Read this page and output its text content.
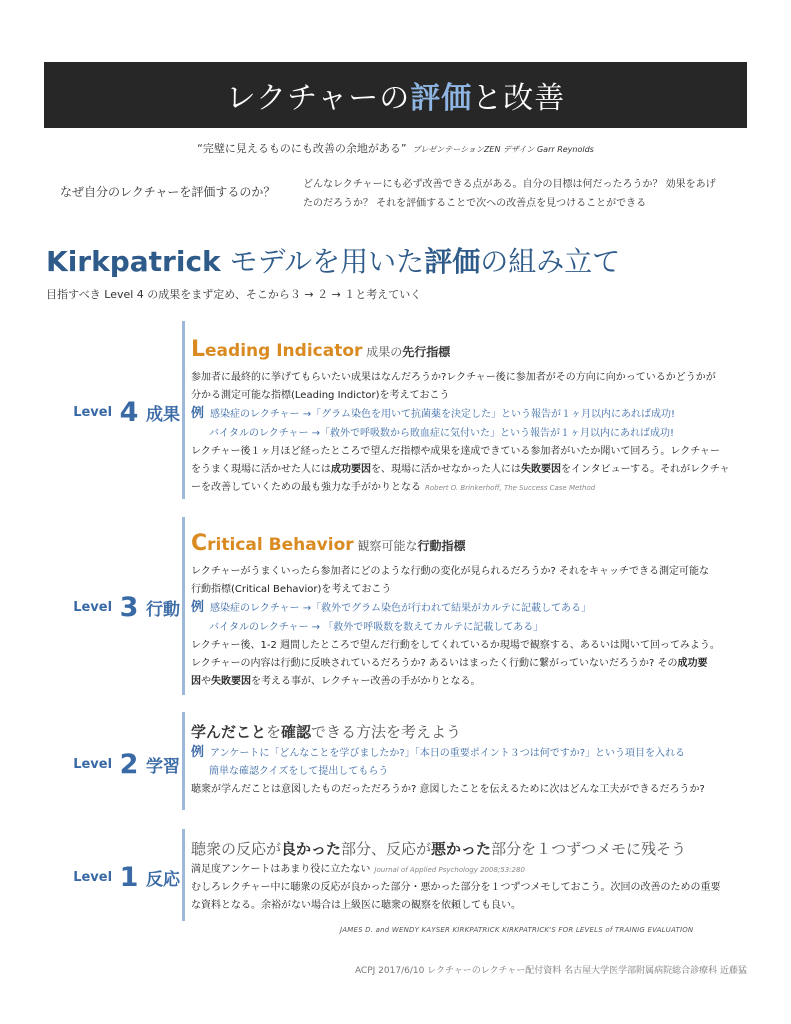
レクチャーの 評価 と改善
“完璧に見えるものにも改善の余地がある” プレゼンテーションZEN デザイン Garr Reynolds
なぜ自分のレクチャーを評価するのか？
どんなレクチャーにも必ず改善できる点がある。自分の目標は何だったろうか？ 効果をあげ
たのだろうか？ それを評価することで次への改善点を見つけることができる
Kirkpatrick モデルを用いた評価の組み立て
目指すべき Level 4 の成果をまず定め、そこから３ → ２ → １と考えていく
Level 4 成果
Leading Indicator 成果の先行指標
参加者に最終的に挙げてもらいたい成果はなんだろうか?レクチャー後に参加者がその方向に向かっているかどうかが
分かる測定可能な指標(Leading Indictor)を考えておこう
例 感染症のレクチャー →「グラム染色を用いて抗菌薬を決定した」という報告が１ヶ月以内にあれば成功!
バイタルのレクチャー →「救外で呼吸数から敗血症に気付いた」という報告が１ヶ月以内にあれば成功!
レクチャー後１ヶ月ほど経ったところで望んだ指標や成果を達成できている参加者がいたか聞いて回ろう。レクチャー
をうまく現場に活かせた人には成功要因を、現場に活かせなかった人には失敗要因をインタビューする。それがレクチャ
ーを改善していくための最も強力な手がかりとなる Robert O. Brinkerhoff, The Success Case Method
Level 3 行動
Critical Behavior 観察可能な行動指標
レクチャーがうまくいったら参加者にどのような行動の変化が見られるだろうか? それをキャッチできる測定可能な
行動指標(Critical Behavior)を考えておこう
例 感染症のレクチャー →「救外でグラム染色が行われて結果がカルテに記載してある」
バイタルのレクチャー → 「救外で呼吸数を数えてカルテに記載してある」
レクチャー後、1-2 週間したところで望んだ行動をしてくれているか現場で観察する、あるいは聞いて回ってみよう。
レクチャーの内容は行動に反映されているだろうか? あるいはまったく行動に繋がっていないだろうか? その成功要
因や失敗要因を考える事が、レクチャー改善の手がかりとなる。
Level 2 学習
学んだことを確認できる方法を考えよう
例 アンケートに「どんなことを学びましたか?」「本日の重要ポイント３つは何ですか?」という項目を入れる
簡単な確認クイズをして提出してもらう
聴衆が学んだことは意図したものだっただろうか? 意図したことを伝えるために次はどんな工夫ができるだろうか?
Level 1 反応
聴衆の反応が良かった部分、反応が悪かった部分を１つずつメモに残そう
満足度アンケートはあまり役に立たない Journal of Applied Psychology 2008;53:280
むしろレクチャー中に聴衆の反応が良かった部分・悪かった部分を１つずつメモしておこう。次回の改善のための重要
な資料となる。余裕がない場合は上級医に聴衆の観察を依頼しても良い。
JAMES D. and WENDY KAYSER KIRKPATRICK KIRKPATRICK'S FOR LEVELS of TRAINIG EVALUATION
ACPJ 2017/6/10 レクチャーのレクチャー配付資料 名古屋大学医学部附属病院総合診療科 近藤猛
